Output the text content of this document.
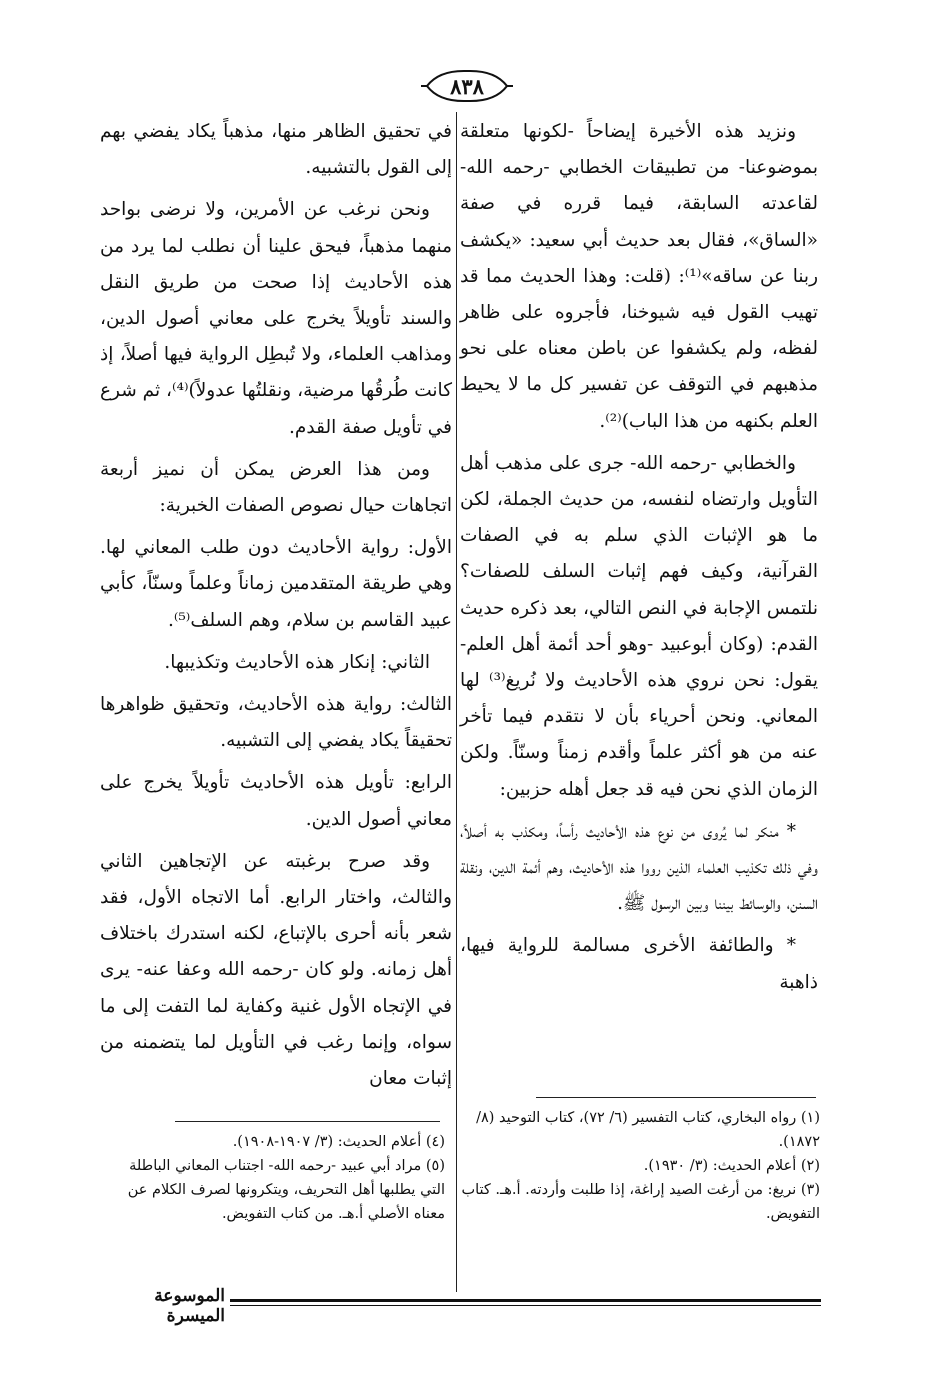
٨٣٨

ونزيد هذه الأخيرة إيضاحاً -لكونها متعلقة بموضوعنا- من تطبيقات الخطابي -رحمه الله- لقاعدته السابقة، فيما قرره في صفة «الساق»، فقال بعد حديث أبي سعيد: «يكشف ربنا عن ساقه»⁽¹⁾: (قلت: وهذا الحديث مما قد تهيب القول فيه شيوخنا، فأجروه على ظاهر لفظه، ولم يكشفوا عن باطن معناه على نحو مذهبهم في التوقف عن تفسير كل ما لا يحيط العلم بكنهه من هذا الباب)⁽²⁾.

والخطابي -رحمه الله- جرى على مذهب أهل التأويل وارتضاه لنفسه، من حديث الجملة، لكن ما هو الإثبات الذي سلم به في الصفات القرآنية، وكيف فهم إثبات السلف للصفات؟ نلتمس الإجابة في النص التالي، بعد ذكره حديث القدم: (وكان أبوعبيد -وهو أحد أئمة أهل العلم- يقول: نحن نروي هذه الأحاديث ولا نُريغ⁽³⁾ لها المعاني. ونحن أحرياء بأن لا نتقدم فيما تأخر عنه من هو أكثر علماً وأقدم زمناً وسنّاً. ولكن الزمان الذي نحن فيه قد جعل أهله حزبين:

* منكر لما يُروى من نوع هذه الأحاديث رأساً، ومكذب به أصلاً، وفي ذلك تكذيب العلماء الذين رووا هذه الأحاديث، وهم أئمة الدين، ونقلة السنن، والوسائط بيننا وبين الرسول ﷺ.

* والطائفة الأخرى مسالمة للرواية فيها، ذاهبة

في تحقيق الظاهر منها، مذهباً يكاد يفضي بهم إلى القول بالتشبيه.

ونحن نرغب عن الأمرين، ولا نرضى بواحد منهما مذهباً، فيحق علينا أن نطلب لما يرد من هذه الأحاديث إذا صحت من طريق النقل والسند تأويلاً يخرج على معاني أصول الدين، ومذاهب العلماء، ولا تُبطِل الرواية فيها أصلاً، إذ كانت طُرقُها مرضية، ونقلتُها عدولاً)⁽⁴⁾، ثم شرع في تأويل صفة القدم.

ومن هذا العرض يمكن أن نميز أربعة اتجاهات حيال نصوص الصفات الخبرية:

الأول: رواية الأحاديث دون طلب المعاني لها. وهي طريقة المتقدمين زماناً وعلماً وسنّاً، كأبي عبيد القاسم بن سلام، وهم السلف⁽⁵⁾.

الثاني: إنكار هذه الأحاديث وتكذيبها.

الثالث: رواية هذه الأحاديث، وتحقيق ظواهرها تحقيقاً يكاد يفضي إلى التشبيه.

الرابع: تأويل هذه الأحاديث تأويلاً يخرج على معاني أصول الدين.

وقد صرح برغبته عن الإتجاهين الثاني والثالث، واختار الرابع. أما الاتجاه الأول، فقد شعر بأنه أحرى بالإتباع، لكنه استدرك باختلاف أهل زمانه. ولو كان -رحمه الله وعفا عنه- يرى في الإتجاه الأول غنية وكفاية لما التفت إلى ما سواه، وإنما رغب في التأويل لما يتضمنه من إثبات معان

(١) رواه البخاري، كتاب التفسير (٦/ ٧٢)، كتاب التوحيد (٨/ ١٨٧٢).
(٢) أعلام الحديث: (٣/ ١٩٣٠).
(٣) نريغ: من أرغت الصيد إراغة، إذا طلبت وأردته. أ.هـ. كتاب التفويض.
(٤) أعلام الحديث: (٣/ ١٩٠٧-١٩٠٨).
(٥) مراد أبي عبيد -رحمه الله- اجتناب المعاني الباطلة التي يطلبها أهل التحريف، ويتكرونها لصرف الكلام عن معناه الأصلي أ.هـ. من كتاب التفويض.
الموسوعة الميسرة
